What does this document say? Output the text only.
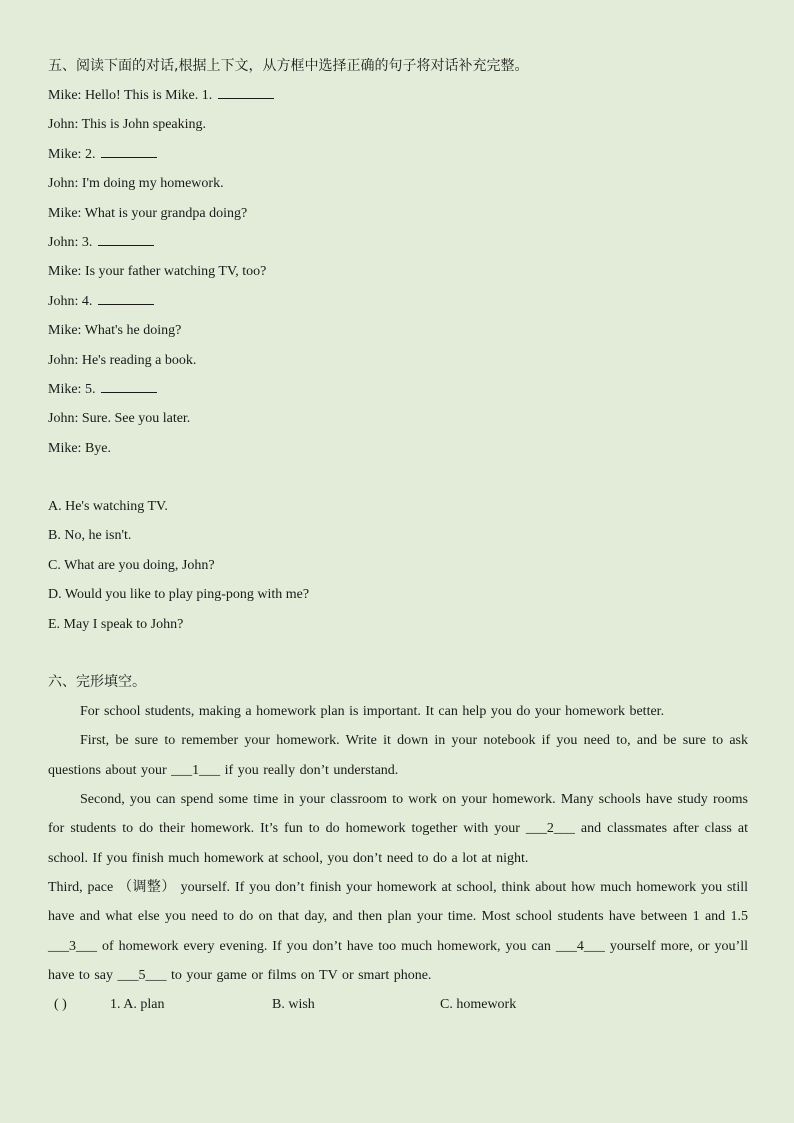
五、阅读下面的对话,根据上下文，从方框中选择正确的句子将对话补充完整。
Mike: Hello! This is Mike. 1.
John: This is John speaking.
Mike: 2.
John: I'm doing my homework.
Mike: What is your grandpa doing?
John: 3.
Mike: Is your father watching TV, too?
John: 4.
Mike: What's he doing?
John: He's reading a book.
Mike: 5.
John: Sure. See you later.
Mike: Bye.
A. He's watching TV.
B. No, he isn't.
C. What are you doing, John?
D. Would you like to play ping-pong with me?
E. May I speak to John?
六、完形填空。
For school students, making a homework plan is important. It can help you do your homework better.
First, be sure to remember your homework. Write it down in your notebook if you need to, and be sure to ask questions about your ___1___ if you really don’t understand.
Second, you can spend some time in your classroom to work on your homework. Many schools have study rooms for students to do their homework. It’s fun to do homework together with your ___2___ and classmates after class at school. If you finish much homework at school, you don’t need to do a lot at night.
Third, pace （调整） yourself. If you don’t finish your homework at school, think about how much homework you still have and what else you need to do on that day, and then plan your time. Most school students have between 1 and 1.5 ___3___ of homework every evening. If you don’t have too much homework, you can ___4___ yourself more, or you’ll have to say ___5___ to your game or films on TV or smart phone.
( )	1. A. plan	B. wish	C. homework
